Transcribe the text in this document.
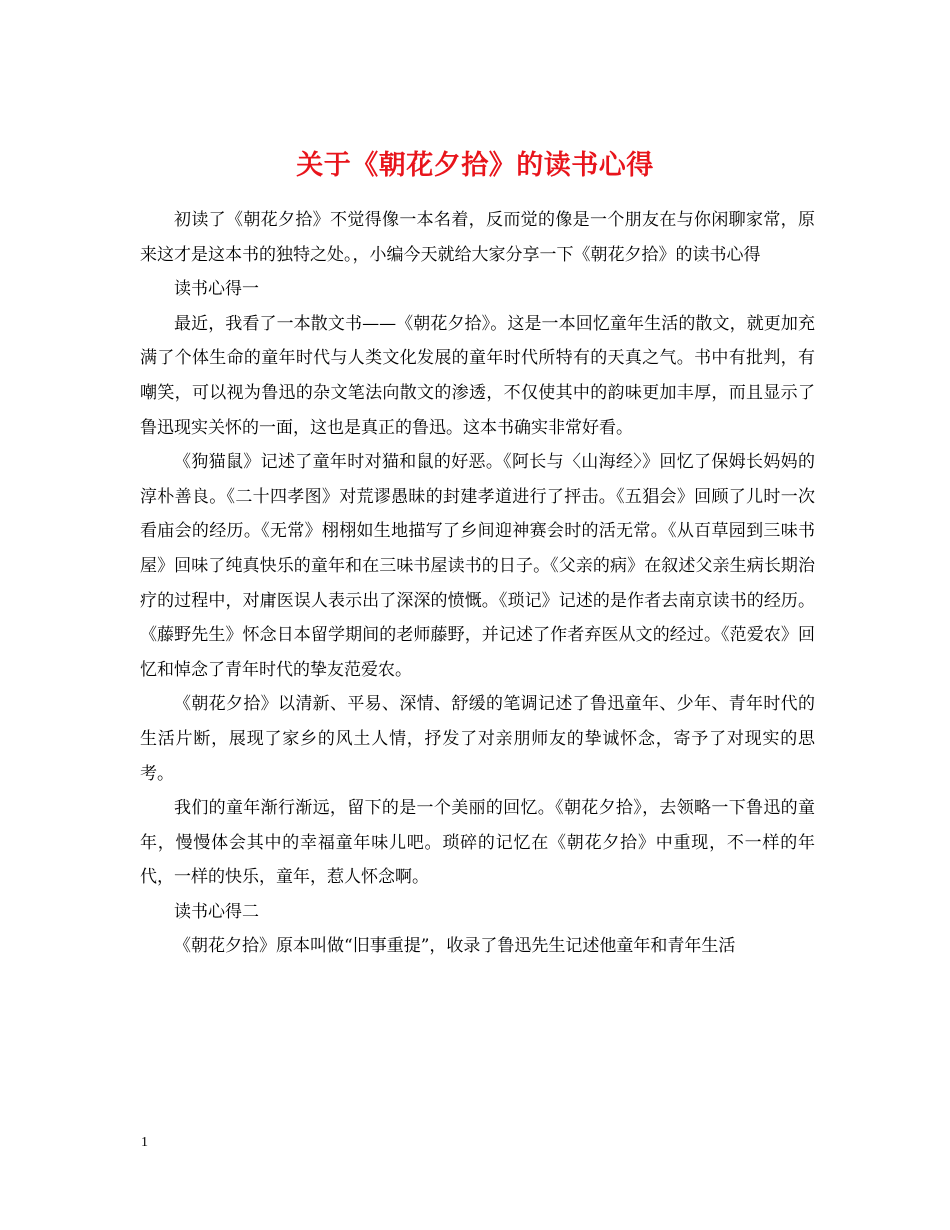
关于《朝花夕拾》的读书心得

初读了《朝花夕拾》不觉得像一本名着，反而觉的像是一个朋友在与你闲聊家常，原来这才是这本书的独特之处。，小编今天就给大家分享一下《朝花夕拾》的读书心得

读书心得一

最近，我看了一本散文书——《朝花夕拾》。这是一本回忆童年生活的散文，就更加充满了个体生命的童年时代与人类文化发展的童年时代所特有的天真之气。书中有批判，有嘲笑，可以视为鲁迅的杂文笔法向散文的渗透，不仅使其中的韵味更加丰厚，而且显示了鲁迅现实关怀的一面，这也是真正的鲁迅。这本书确实非常好看。

《狗猫鼠》记述了童年时对猫和鼠的好恶。《阿长与〈山海经〉》回忆了保姆长妈妈的淳朴善良。《二十四孝图》对荒谬愚昧的封建孝道进行了抨击。《五猖会》回顾了儿时一次看庙会的经历。《无常》栩栩如生地描写了乡间迎神赛会时的活无常。《从百草园到三味书屋》回味了纯真快乐的童年和在三味书屋读书的日子。《父亲的病》在叙述父亲生病长期治疗的过程中，对庸医误人表示出了深深的愤慨。《琐记》记述的是作者去南京读书的经历。《藤野先生》怀念日本留学期间的老师藤野，并记述了作者弃医从文的经过。《范爱农》回忆和悼念了青年时代的挚友范爱农。

《朝花夕拾》以清新、平易、深情、舒缓的笔调记述了鲁迅童年、少年、青年时代的生活片断，展现了家乡的风土人情，抒发了对亲朋师友的挚诚怀念，寄予了对现实的思考。

我们的童年渐行渐远，留下的是一个美丽的回忆。《朝花夕拾》，去领略一下鲁迅的童年，慢慢体会其中的幸福童年味儿吧。琐碎的记忆在《朝花夕拾》中重现，不一样的年代，一样的快乐，童年，惹人怀念啊。

读书心得二

《朝花夕拾》原本叫做“旧事重提”，收录了鲁迅先生记述他童年和青年生活

1
